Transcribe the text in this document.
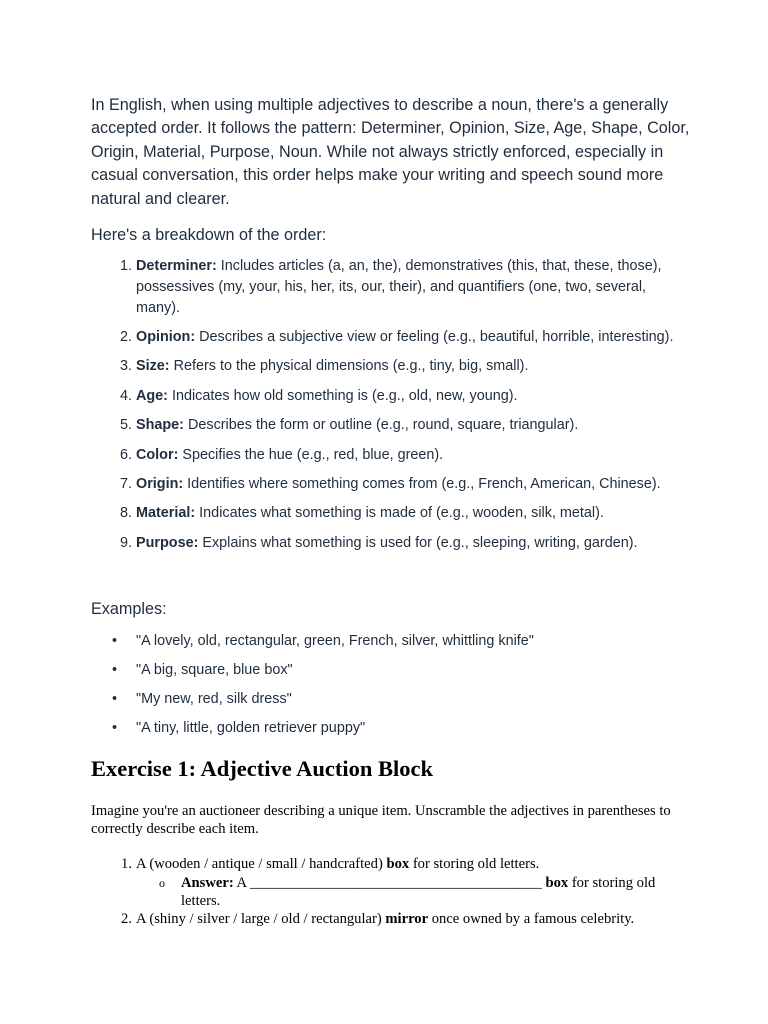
In English, when using multiple adjectives to describe a noun, there's a generally accepted order. It follows the pattern: Determiner, Opinion, Size, Age, Shape, Color, Origin, Material, Purpose, Noun. While not always strictly enforced, especially in casual conversation, this order helps make your writing and speech sound more natural and clearer.

Here's a breakdown of the order:

1. Determiner: Includes articles (a, an, the), demonstratives (this, that, these, those), possessives (my, your, his, her, its, our, their), and quantifiers (one, two, several, many).
2. Opinion: Describes a subjective view or feeling (e.g., beautiful, horrible, interesting).
3. Size: Refers to the physical dimensions (e.g., tiny, big, small).
4. Age: Indicates how old something is (e.g., old, new, young).
5. Shape: Describes the form or outline (e.g., round, square, triangular).
6. Color: Specifies the hue (e.g., red, blue, green).
7. Origin: Identifies where something comes from (e.g., French, American, Chinese).
8. Material: Indicates what something is made of (e.g., wooden, silk, metal).
9. Purpose: Explains what something is used for (e.g., sleeping, writing, garden).

Examples:

• "A lovely, old, rectangular, green, French, silver, whittling knife"
• "A big, square, blue box"
• "My new, red, silk dress"
• "A tiny, little, golden retriever puppy"
Exercise 1: Adjective Auction Block

Imagine you're an auctioneer describing a unique item. Unscramble the adjectives in parentheses to correctly describe each item.

1. A (wooden / antique / small / handcrafted) box for storing old letters.
o Answer: A ________________________________________ box for storing old letters.
2. A (shiny / silver / large / old / rectangular) mirror once owned by a famous celebrity.
